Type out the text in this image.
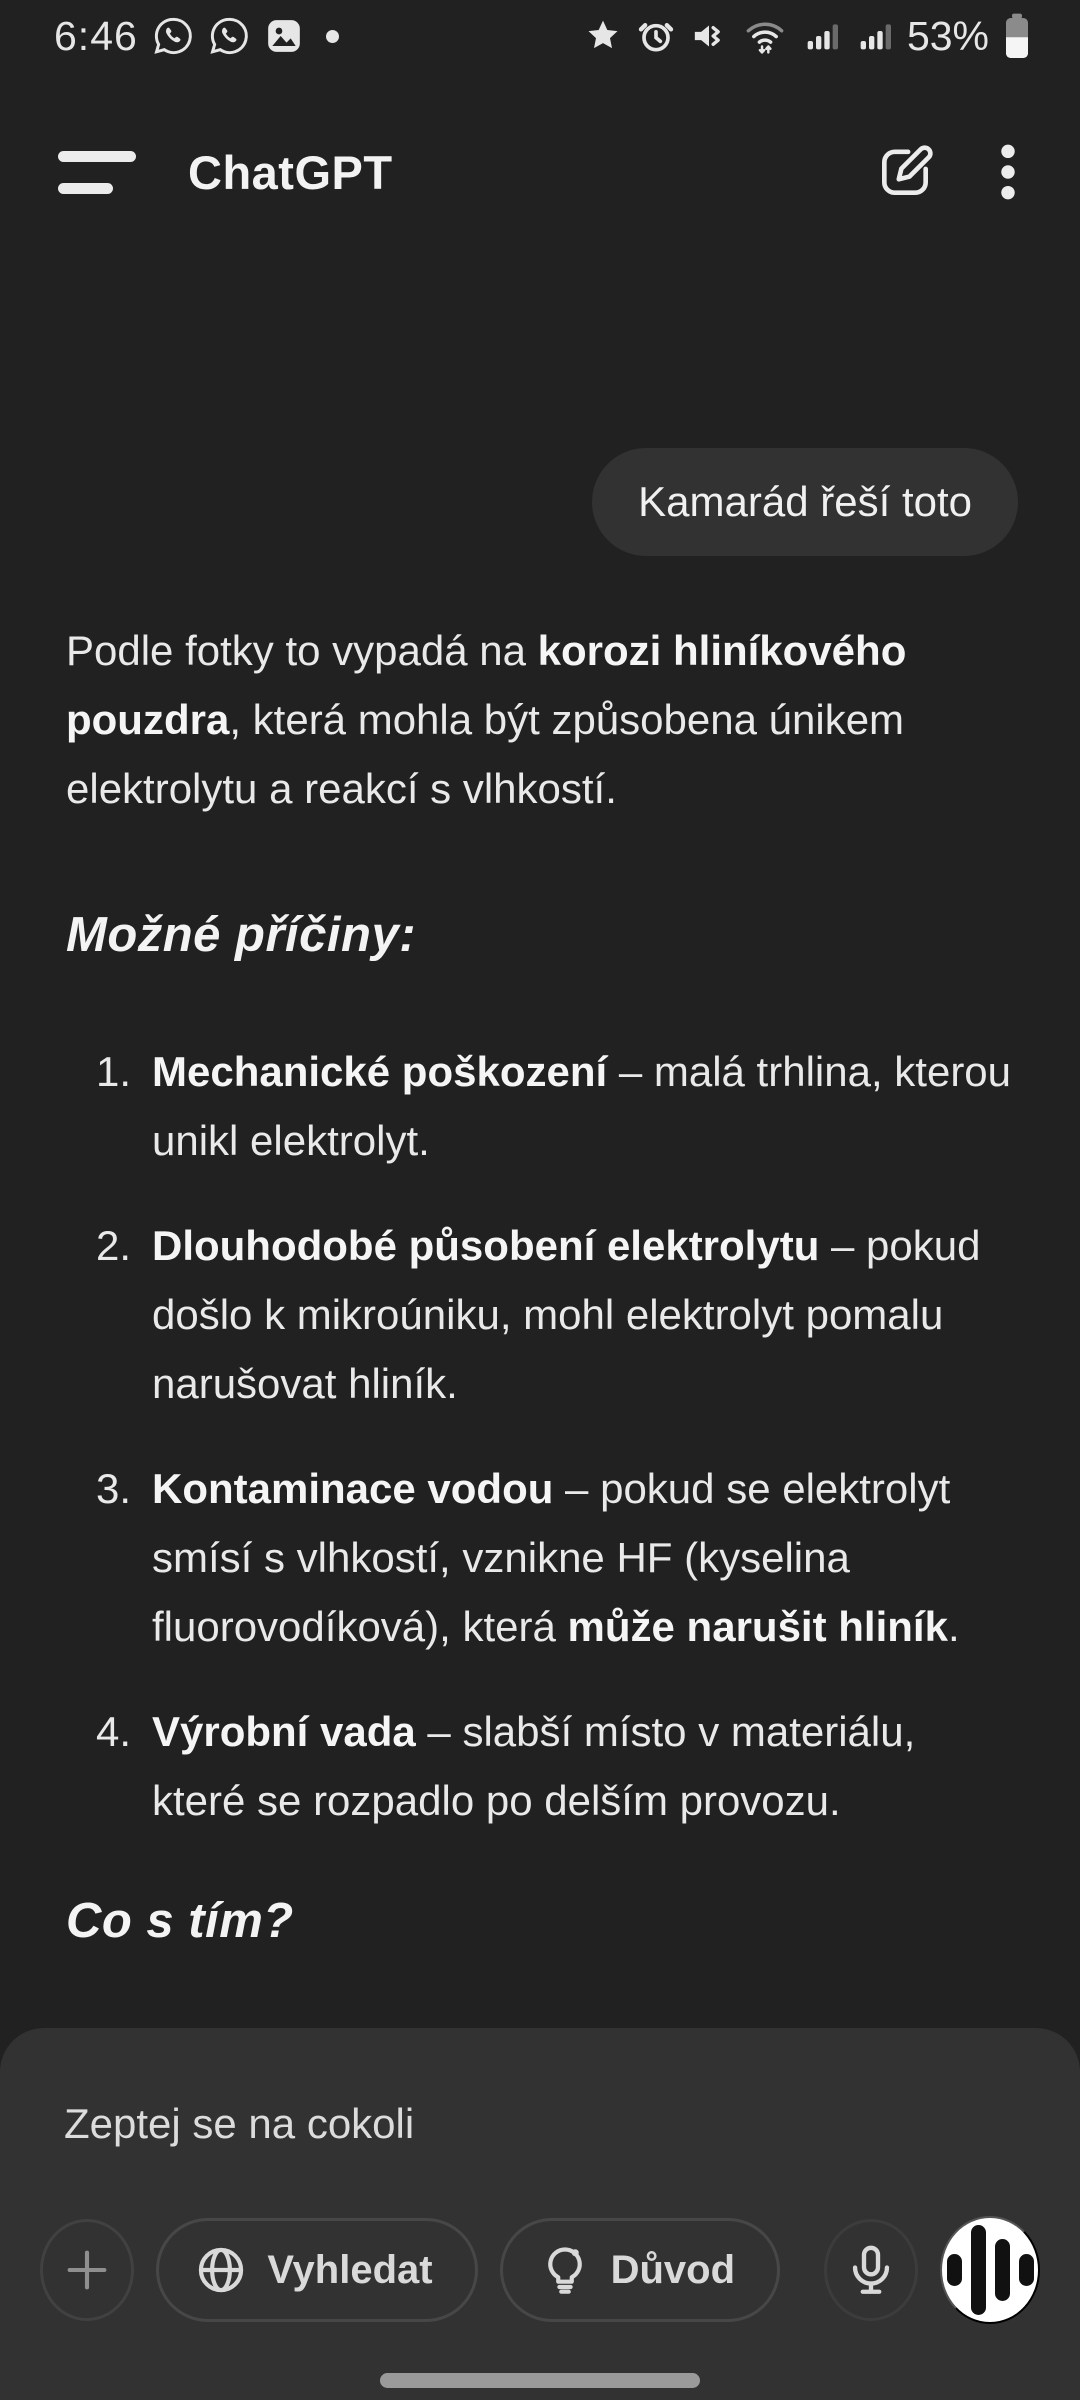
6:46	53%
ChatGPT
Kamarád řeší toto

Podle fotky to vypadá na korozi hliníkového pouzdra, která mohla být způsobena únikem elektrolytu a reakcí s vlhkostí.

Možné příčiny:
1. Mechanické poškození – malá trhlina, kterou unikl elektrolyt.
2. Dlouhodobé působení elektrolytu – pokud došlo k mikroúniku, mohl elektrolyt pomalu narušovat hliník.
3. Kontaminace vodou – pokud se elektrolyt smísí s vlhkostí, vznikne HF (kyselina fluorovodíková), která může narušit hliník.
4. Výrobní vada – slabší místo v materiálu, které se rozpadlo po delším provozu.
Co s tím?
Zeptej se na cokoli
Vyhledat	Důvod
